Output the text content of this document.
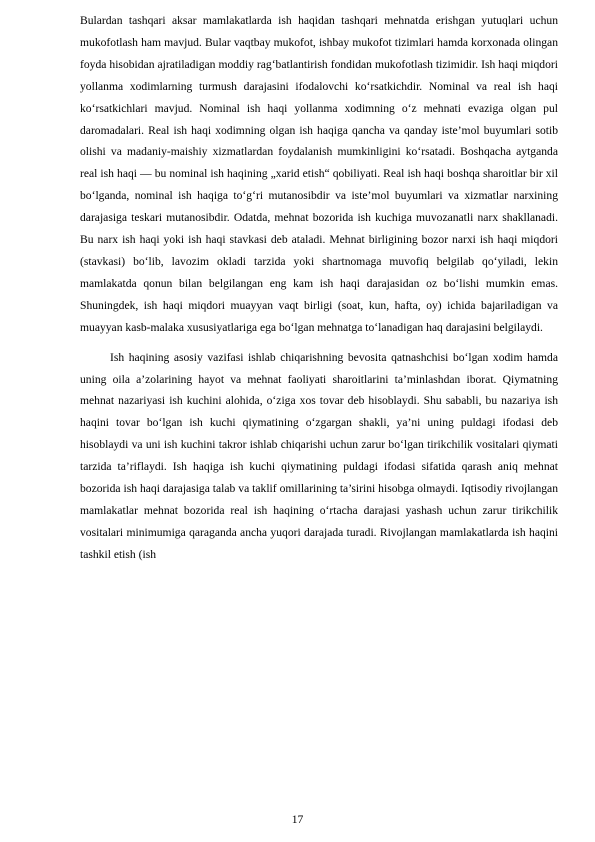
Bulardan tashqari aksar mamlakatlarda ish haqidan tashqari mehnatda erishgan yutuqlari uchun mukofotlash ham mavjud. Bular vaqtbay mukofot, ishbay mukofot tizimlari hamda korxonada olingan foyda hisobidan ajratiladigan moddiy rag‘batlantirish fondidan mukofotlash tizimidir. Ish haqi miqdori yollanma xodimlarning turmush darajasini ifodalovchi ko‘rsatkichdir. Nominal va real ish haqi ko‘rsatkichlari mavjud. Nominal ish haqi yollanma xodimning o‘z mehnati evaziga olgan pul daromadalari. Real ish haqi xodimning olgan ish haqiga qancha va qanday iste’mol buyumlari sotib olishi va madaniy-maishiy xizmatlardan foydalanish mumkinligini ko‘rsatadi. Boshqacha aytganda real ish haqi — bu nominal ish haqining „xarid etish“ qobiliyati. Real ish haqi boshqa sharoitlar bir xil bo‘lganda, nominal ish haqiga to‘g‘ri mutanosibdir va iste’mol buyumlari va xizmatlar narxining darajasiga teskari mutanosibdir. Odatda, mehnat bozorida ish kuchiga muvozanatli narx shakllanadi. Bu narx ish haqi yoki ish haqi stavkasi deb ataladi. Mehnat birligining bozor narxi ish haqi miqdori (stavkasi) bo‘lib, lavozim okladi tarzida yoki shartnomaga muvofiq belgilab qo‘yiladi, lekin mamlakatda qonun bilan belgilangan eng kam ish haqi darajasidan oz bo‘lishi mumkin emas. Shuningdek, ish haqi miqdori muayyan vaqt birligi (soat, kun, hafta, oy) ichida bajariladigan va muayyan kasb-malaka xususiyatlariga ega bo‘lgan mehnatga to‘lanadigan haq darajasini belgilaydi.

Ish haqining asosiy vazifasi ishlab chiqarishning bevosita qatnashchisi bo‘lgan xodim hamda uning oila a’zolarining hayot va mehnat faoliyati sharoitlarini ta’minlashdan iborat. Qiymatning mehnat nazariyasi ish kuchini alohida, o‘ziga xos tovar deb hisoblaydi. Shu sababli, bu nazariya ish haqini tovar bo‘lgan ish kuchi qiymatining o‘zgargan shakli, ya’ni uning puldagi ifodasi deb hisoblaydi va uni ish kuchini takror ishlab chiqarishi uchun zarur bo‘lgan tirikchilik vositalari qiymati tarzida ta’riflaydi. Ish haqiga ish kuchi qiymatining puldagi ifodasi sifatida qarash aniq mehnat bozorida ish haqi darajasiga talab va taklif omillarining ta’sirini hisobga olmaydi. Iqtisodiy rivojlangan mamlakatlar mehnat bozorida real ish haqining o‘rtacha darajasi yashash uchun zarur tirikchilik vositalari minimumiga qaraganda ancha yuqori darajada turadi. Rivojlangan mamlakatlarda ish haqini tashkil etish (ish

17
